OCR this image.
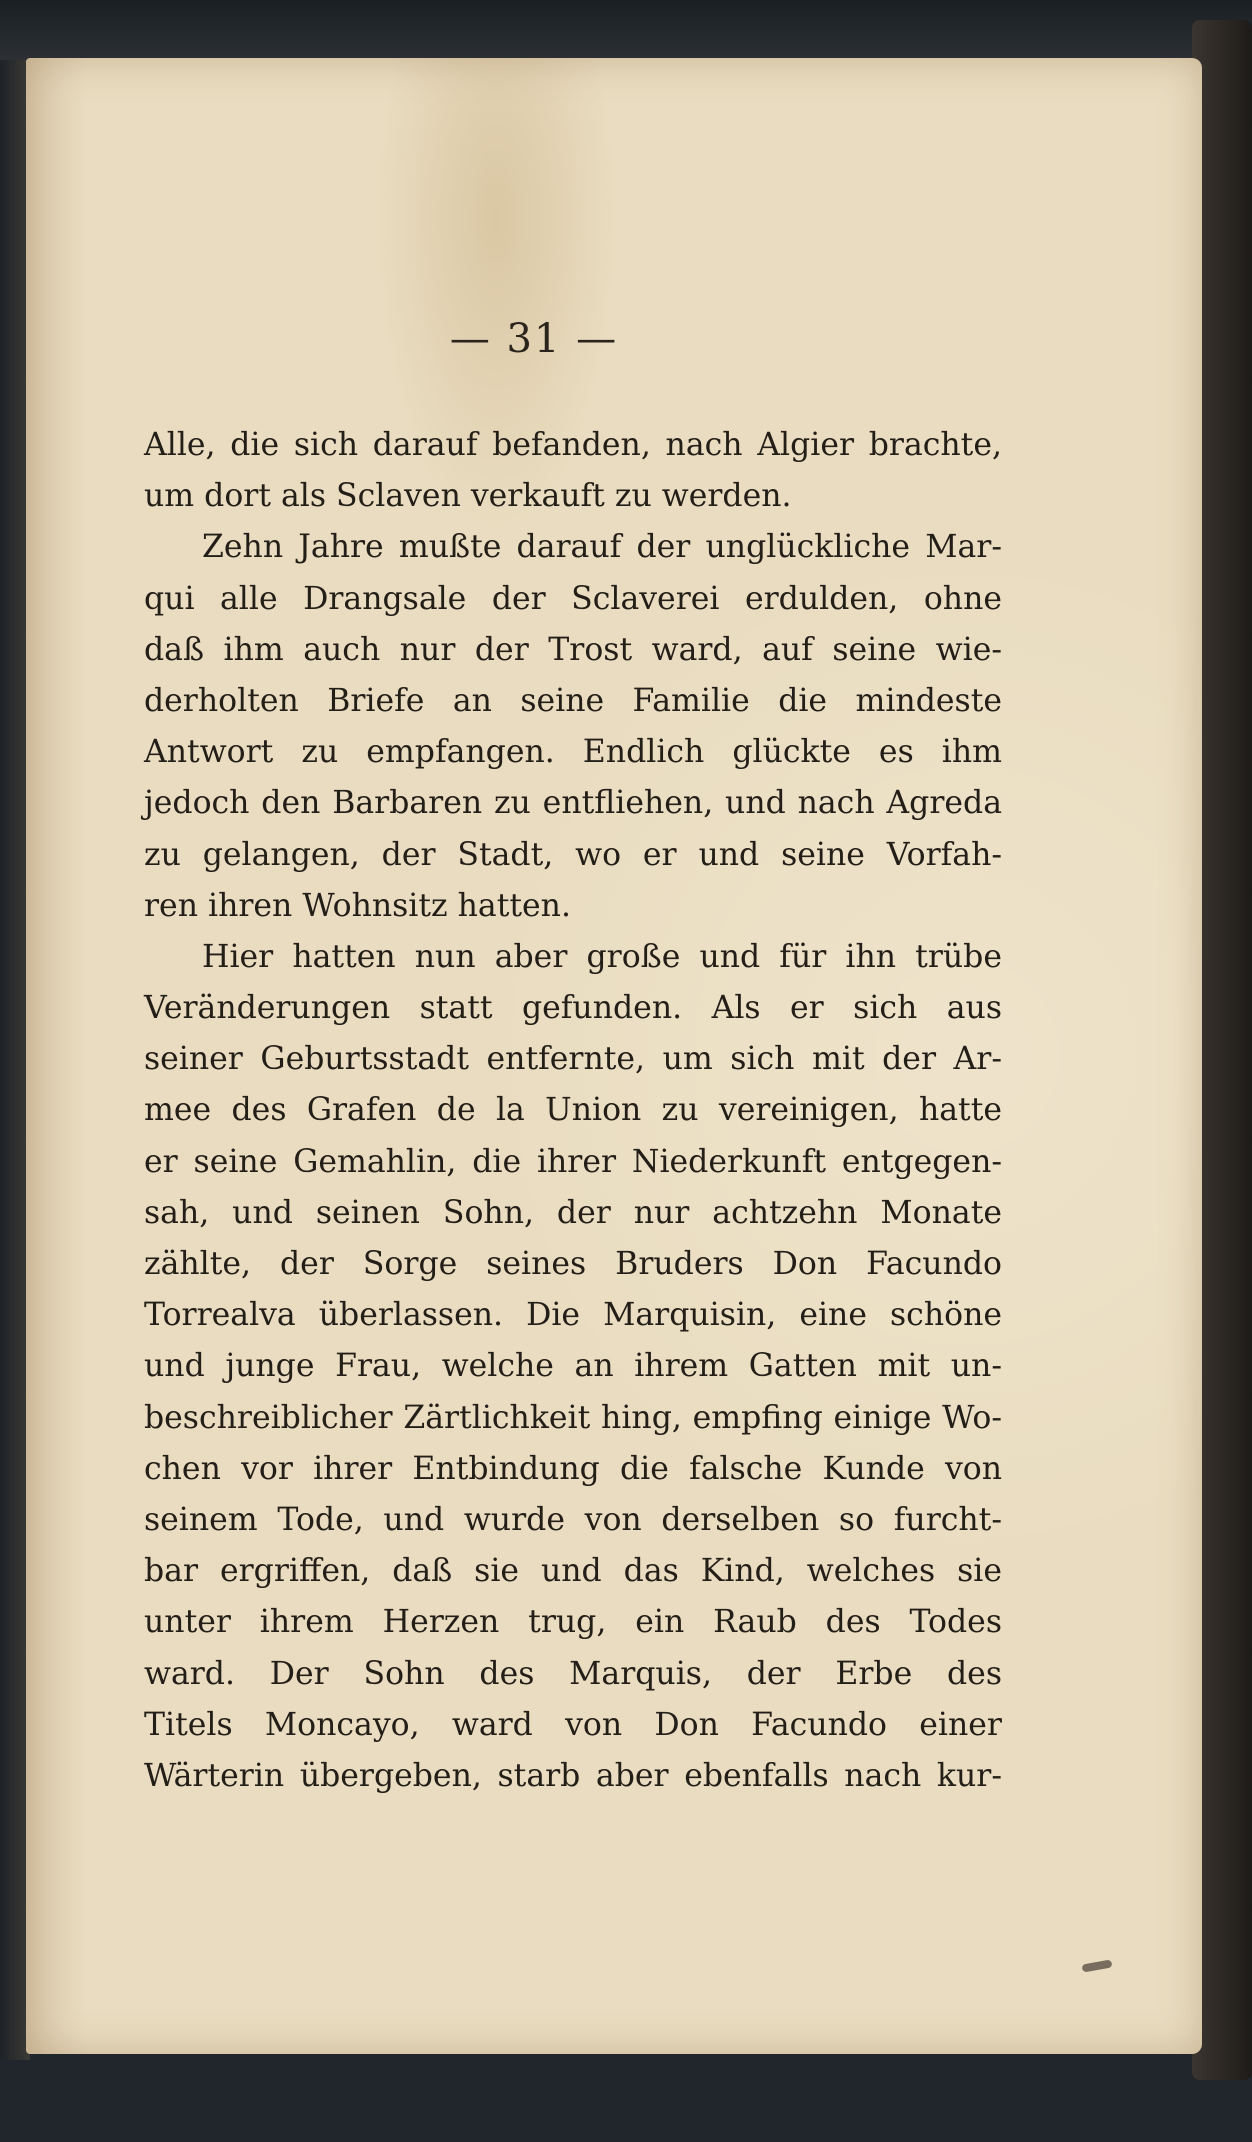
— 31 —
Alle, die sich darauf befanden, nach Algier brachte,
um dort als Sclaven verkauft zu werden.
Zehn Jahre mußte darauf der unglückliche Mar-
qui alle Drangsale der Sclaverei erdulden, ohne
daß ihm auch nur der Trost ward, auf seine wie-
derholten Briefe an seine Familie die mindeste
Antwort zu empfangen. Endlich glückte es ihm
jedoch den Barbaren zu entfliehen, und nach Agreda
zu gelangen, der Stadt, wo er und seine Vorfah-
ren ihren Wohnsitz hatten.
Hier hatten nun aber große und für ihn trübe
Veränderungen statt gefunden. Als er sich aus
seiner Geburtsstadt entfernte, um sich mit der Ar-
mee des Grafen de la Union zu vereinigen, hatte
er seine Gemahlin, die ihrer Niederkunft entgegen-
sah, und seinen Sohn, der nur achtzehn Monate
zählte, der Sorge seines Bruders Don Facundo
Torrealva überlassen. Die Marquisin, eine schöne
und junge Frau, welche an ihrem Gatten mit un-
beschreiblicher Zärtlichkeit hing, empfing einige Wo-
chen vor ihrer Entbindung die falsche Kunde von
seinem Tode, und wurde von derselben so furcht-
bar ergriffen, daß sie und das Kind, welches sie
unter ihrem Herzen trug, ein Raub des Todes
ward. Der Sohn des Marquis, der Erbe des
Titels Moncayo, ward von Don Facundo einer
Wärterin übergeben, starb aber ebenfalls nach kur-
